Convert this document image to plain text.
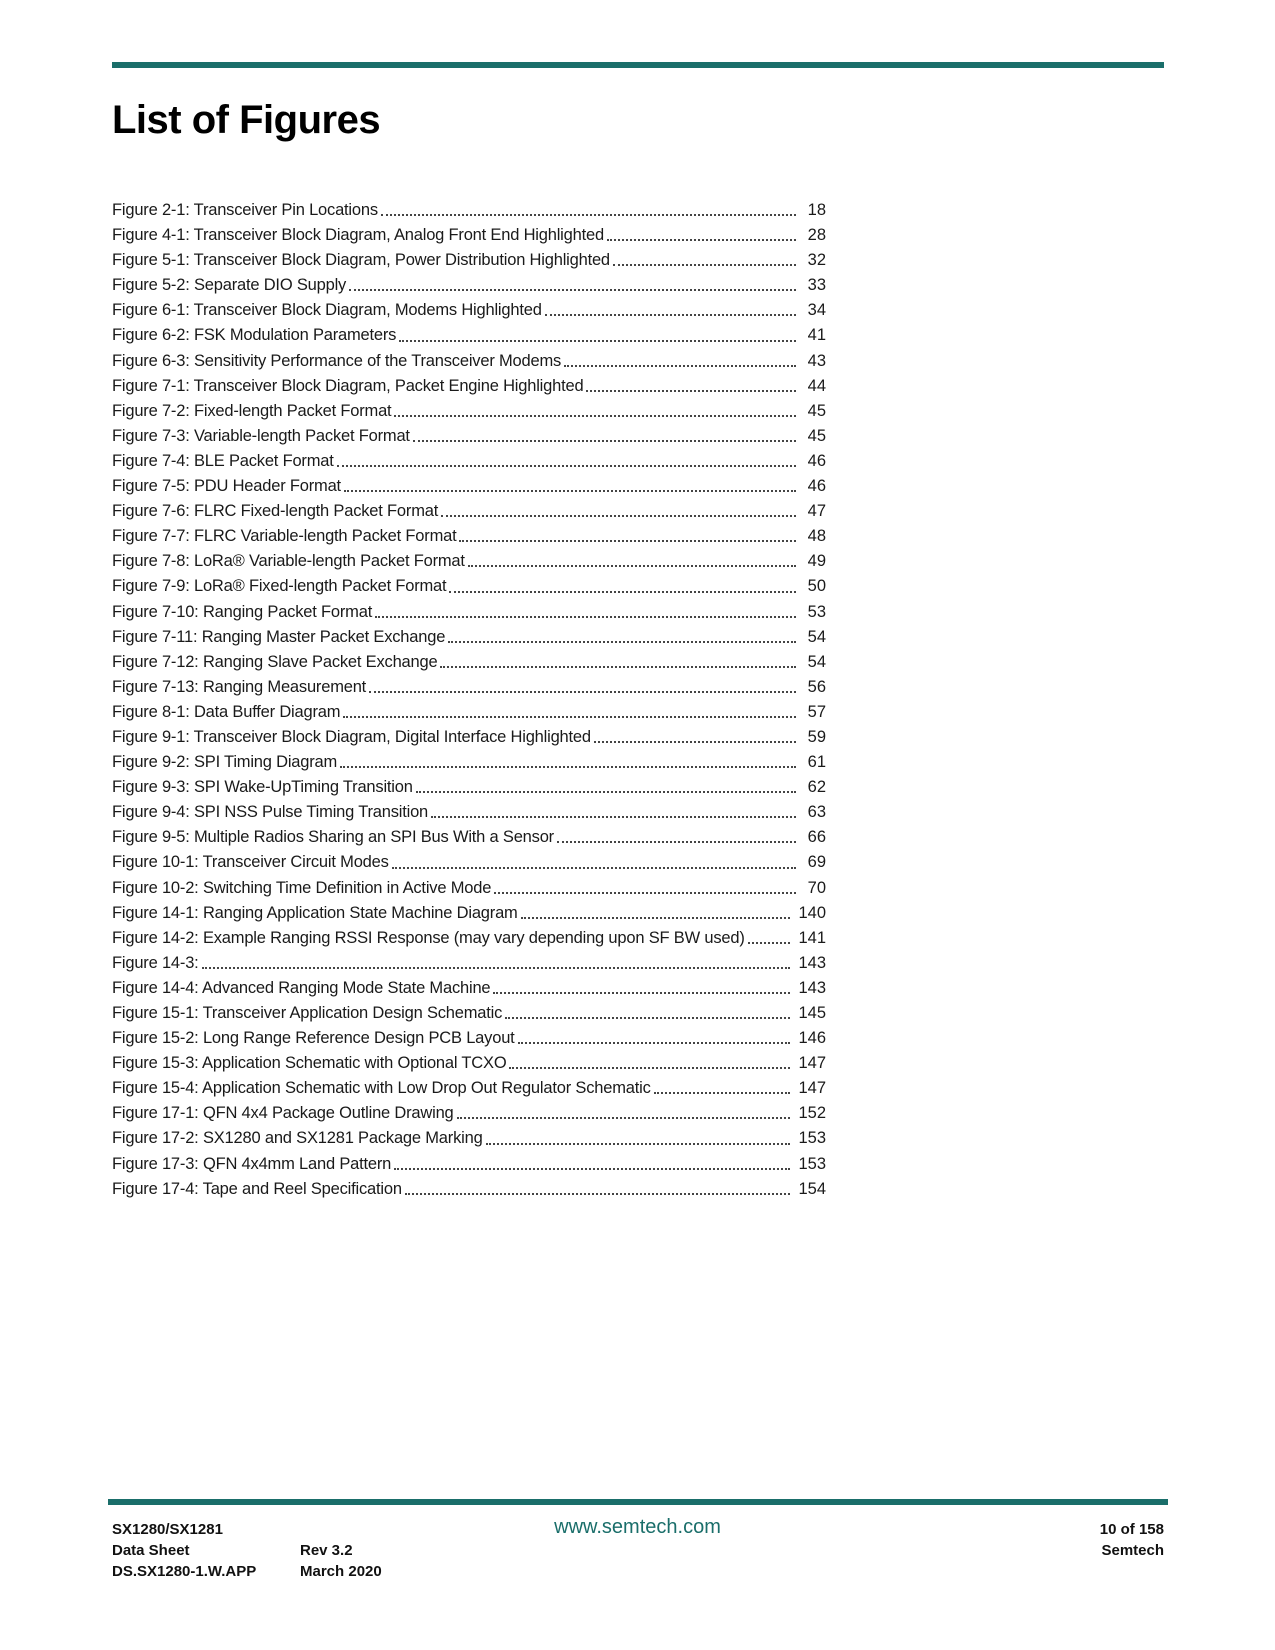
List of Figures
Figure 2-1: Transceiver Pin Locations	18
Figure 4-1: Transceiver Block Diagram, Analog Front End Highlighted	28
Figure 5-1: Transceiver Block Diagram, Power Distribution Highlighted	32
Figure 5-2: Separate DIO Supply	33
Figure 6-1: Transceiver Block Diagram, Modems Highlighted	34
Figure 6-2: FSK Modulation Parameters	41
Figure 6-3: Sensitivity Performance of the Transceiver Modems	43
Figure 7-1: Transceiver Block Diagram, Packet Engine Highlighted	44
Figure 7-2: Fixed-length Packet Format	45
Figure 7-3: Variable-length Packet Format	45
Figure 7-4: BLE Packet Format	46
Figure 7-5: PDU Header Format	46
Figure 7-6: FLRC Fixed-length Packet Format	47
Figure 7-7: FLRC Variable-length Packet Format	48
Figure 7-8: LoRa® Variable-length Packet Format	49
Figure 7-9: LoRa® Fixed-length Packet Format	50
Figure 7-10: Ranging Packet Format	53
Figure 7-11: Ranging Master Packet Exchange	54
Figure 7-12: Ranging Slave Packet Exchange	54
Figure 7-13: Ranging Measurement	56
Figure 8-1: Data Buffer Diagram	57
Figure 9-1: Transceiver Block Diagram, Digital Interface Highlighted	59
Figure 9-2: SPI Timing Diagram	61
Figure 9-3: SPI Wake-UpTiming Transition	62
Figure 9-4: SPI NSS Pulse Timing Transition	63
Figure 9-5: Multiple Radios Sharing an SPI Bus With a Sensor	66
Figure 10-1: Transceiver Circuit Modes	69
Figure 10-2: Switching Time Definition in Active Mode	70
Figure 14-1: Ranging Application State Machine Diagram	140
Figure 14-2: Example Ranging RSSI Response (may vary depending upon SF BW used)	141
Figure 14-3:	143
Figure 14-4: Advanced Ranging Mode State Machine	143
Figure 15-1: Transceiver Application Design Schematic	145
Figure 15-2: Long Range Reference Design PCB Layout	146
Figure 15-3: Application Schematic with Optional TCXO	147
Figure 15-4: Application Schematic with Low Drop Out Regulator Schematic	147
Figure 17-1: QFN 4x4 Package Outline Drawing	152
Figure 17-2: SX1280 and SX1281 Package Marking	153
Figure 17-3: QFN 4x4mm Land Pattern	153
Figure 17-4: Tape and Reel Specification	154
SX1280/SX1281
Data Sheet
DS.SX1280-1.W.APP
Rev 3.2
March 2020
www.semtech.com	10 of 158
Semtech
